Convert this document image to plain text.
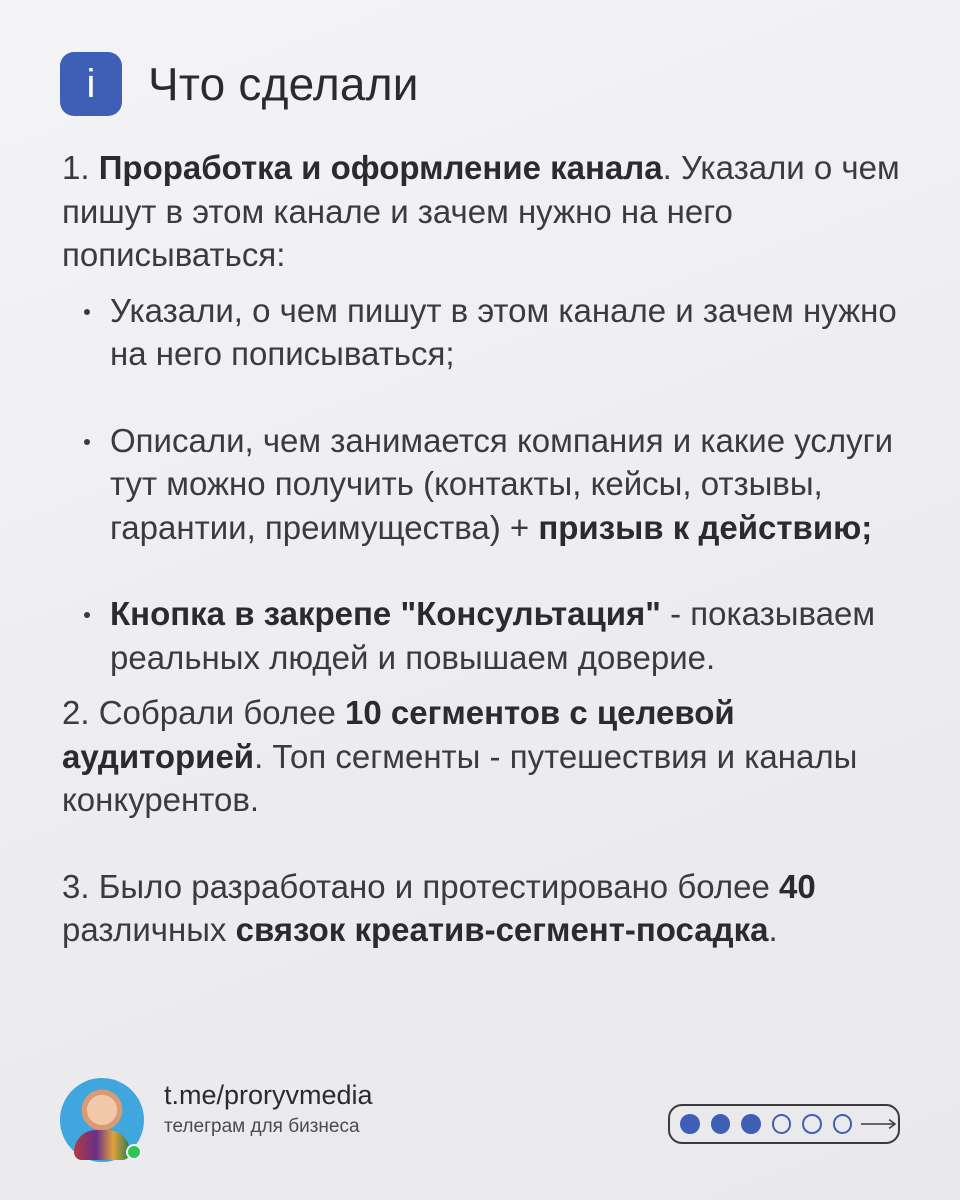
i Что сделали

1. Проработка и оформление канала. Указали о чем пишут в этом канале и зачем нужно на него пописываться:

Указали, о чем пишут в этом канале и зачем нужно на него пописываться;
Описали, чем занимается компания и какие услуги тут можно получить (контакты, кейсы, отзывы, гарантии, преимущества) + призыв к действию;
Кнопка в закрепе "Консультация" - показываем реальных людей и повышаем доверие.

2. Собрали более 10 сегментов с целевой аудиторией. Топ сегменты - путешествия и каналы конкурентов.

3. Было разработано и протестировано более 40 различных связок креатив-сегмент-посадка.

t.me/proryvmedia
телеграм для бизнеса
